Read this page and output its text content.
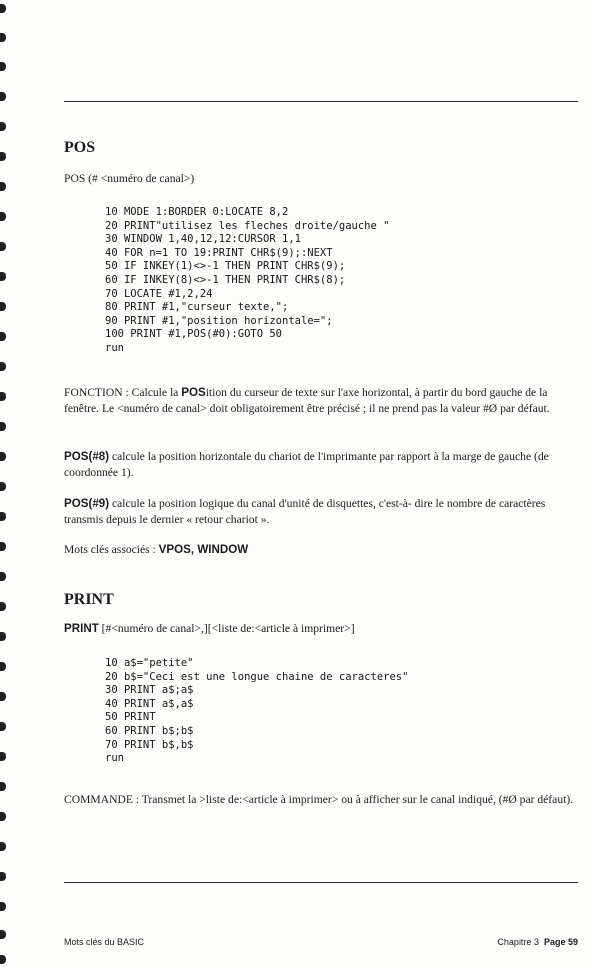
POS

POS (# <numéro de canal>)

10 MODE 1:BORDER 0:LOCATE 8,2
20 PRINT"utilisez les fleches droite/gauche "
30 WINDOW 1,40,12,12:CURSOR 1,1
40 FOR n=1 TO 19:PRINT CHR$(9);:NEXT
50 IF INKEY(1)<>-1 THEN PRINT CHR$(9);
60 IF INKEY(8)<>-1 THEN PRINT CHR$(8);
70 LOCATE #1,2,24
80 PRINT #1,"curseur texte,";
90 PRINT #1,"position horizontale=";
100 PRINT #1,POS(#0):GOTO 50
run

FONCTION : Calcule la POSition du curseur de texte sur l'axe horizontal, à partir du bord gauche de la fenêtre. Le <numéro de canal> doit obligatoirement être précisé ; il ne prend pas la valeur #Ø par défaut.

POS(#8) calcule la position horizontale du chariot de l'imprimante par rapport à la marge de gauche (de coordonnée 1).

POS(#9) calcule la position logique du canal d'unité de disquettes, c'est-à- dire le nombre de caractères transmis depuis le dernier « retour chariot ».

Mots clés associés : VPOS, WINDOW

PRINT

PRINT [#<numéro de canal>,][<liste de:<article à imprimer>]

10 a$="petite"
20 b$="Ceci est une longue chaine de caracteres"
30 PRINT a$;a$
40 PRINT a$,a$
50 PRINT
60 PRINT b$;b$
70 PRINT b$,b$
run

COMMANDE : Transmet la >liste de:<article à imprimer> ou à afficher sur le canal indiqué, (#Ø par défaut).

Mots clés du BASIC	Chapitre 3 Page 59
